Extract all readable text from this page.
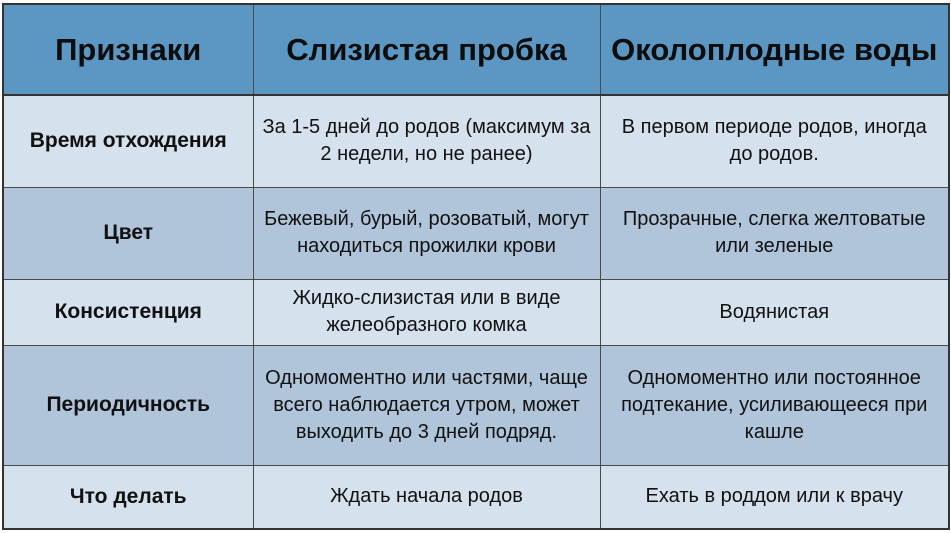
Признаки	Слизистая пробка	Околоплодные воды
Время отхождения	За 1-5 дней до родов (максимум за 2 недели, но не ранее)	В первом периоде родов, иногда до родов.
Цвет	Бежевый, бурый, розоватый, могут находиться прожилки крови	Прозрачные, слегка желтоватые или зеленые
Консистенция	Жидко-слизистая или в виде желеобразного комка	Водянистая
Периодичность	Одномоментно или частями, чаще всего наблюдается утром, может выходить до 3 дней подряд.	Одномоментно или постоянное подтекание, усиливающееся при кашле
Что делать	Ждать начала родов	Ехать в роддом или к врачу
